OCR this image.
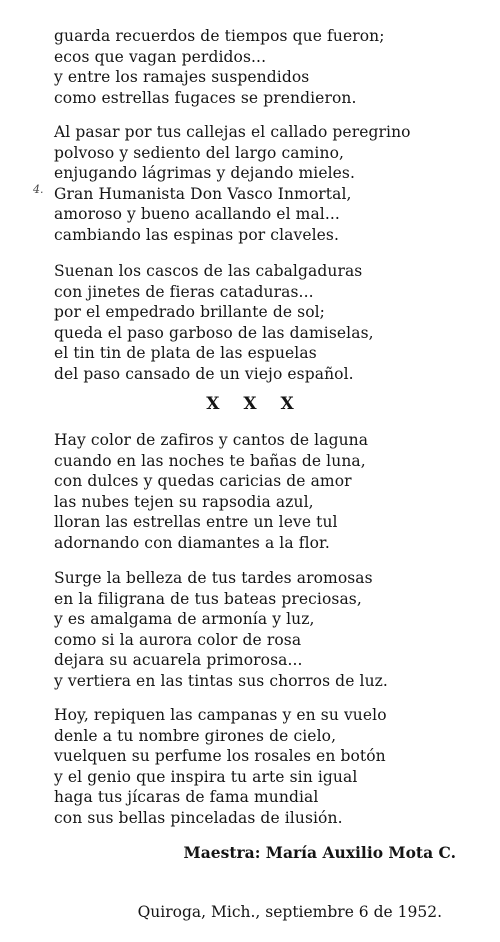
4.
guarda recuerdos de tiempos que fueron;
ecos que vagan perdidos...
y entre los ramajes suspendidos
como estrellas fugaces se prendieron.
Al pasar por tus callejas el callado peregrino
polvoso y sediento del largo camino,
enjugando lágrimas y dejando mieles.
Gran Humanista Don Vasco Inmortal,
amoroso y bueno acallando el mal...
cambiando las espinas por claveles.
Suenan los cascos de las cabalgaduras
con jinetes de fieras cataduras...
por el empedrado brillante de sol;
queda el paso garboso de las damiselas,
el tin tin de plata de las espuelas
del paso cansado de un viejo español.
X X X
Hay color de zafiros y cantos de laguna
cuando en las noches te bañas de luna,
con dulces y quedas caricias de amor
las nubes tejen su rapsodia azul,
lloran las estrellas entre un leve tul
adornando con diamantes a la flor.
Surge la belleza de tus tardes aromosas
en la filigrana de tus bateas preciosas,
y es amalgama de armonía y luz,
como si la aurora color de rosa
dejara su acuarela primorosa...
y vertiera en las tintas sus chorros de luz.
Hoy, repiquen las campanas y en su vuelo
denle a tu nombre girones de cielo,
vuelquen su perfume los rosales en botón
y el genio que inspira tu arte sin igual
haga tus jícaras de fama mundial
con sus bellas pinceladas de ilusión.
Maestra: María Auxilio Mota C.
Quiroga, Mich., septiembre 6 de 1952.
